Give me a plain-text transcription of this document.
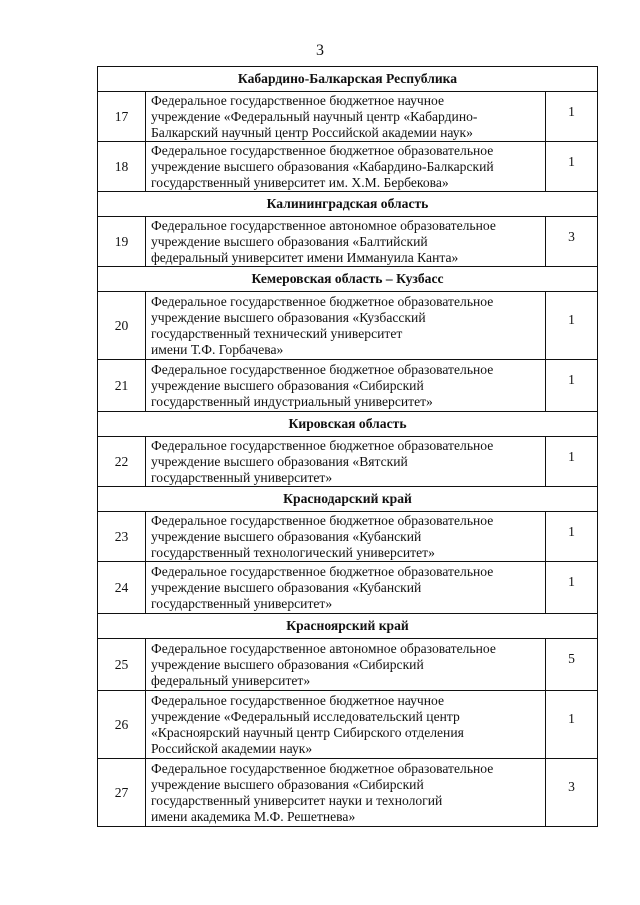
3
Кабардино-Балкарская Республика		
17	Федеральное государственное бюджетное научное
учреждение «Федеральный научный центр «Кабардино-
Балкарский научный центр Российской академии наук»	1
18	Федеральное государственное бюджетное образовательное
учреждение высшего образования «Кабардино-Балкарский
государственный университет им. Х.М. Бербекова»	1
Калининградская область		
19	Федеральное государственное автономное образовательное
учреждение высшего образования «Балтийский
федеральный университет имени Иммануила Канта»	3
Кемеровская область – Кузбасс		
20	Федеральное государственное бюджетное образовательное
учреждение высшего образования «Кузбасский
государственный технический университет
имени Т.Ф. Горбачева»	1
21	Федеральное государственное бюджетное образовательное
учреждение высшего образования «Сибирский
государственный индустриальный университет»	1
Кировская область		
22	Федеральное государственное бюджетное образовательное
учреждение высшего образования «Вятский
государственный университет»	1
Краснодарский край		
23	Федеральное государственное бюджетное образовательное
учреждение высшего образования «Кубанский
государственный технологический университет»	1
24	Федеральное государственное бюджетное образовательное
учреждение высшего образования «Кубанский
государственный университет»	1
Красноярский край		
25	Федеральное государственное автономное образовательное
учреждение высшего образования «Сибирский
федеральный университет»	5
26	Федеральное государственное бюджетное научное
учреждение «Федеральный исследовательский центр
«Красноярский научный центр Сибирского отделения
Российской академии наук»	1
27	Федеральное государственное бюджетное образовательное
учреждение высшего образования «Сибирский
государственный университет науки и технологий
имени академика М.Ф. Решетнева»	3
